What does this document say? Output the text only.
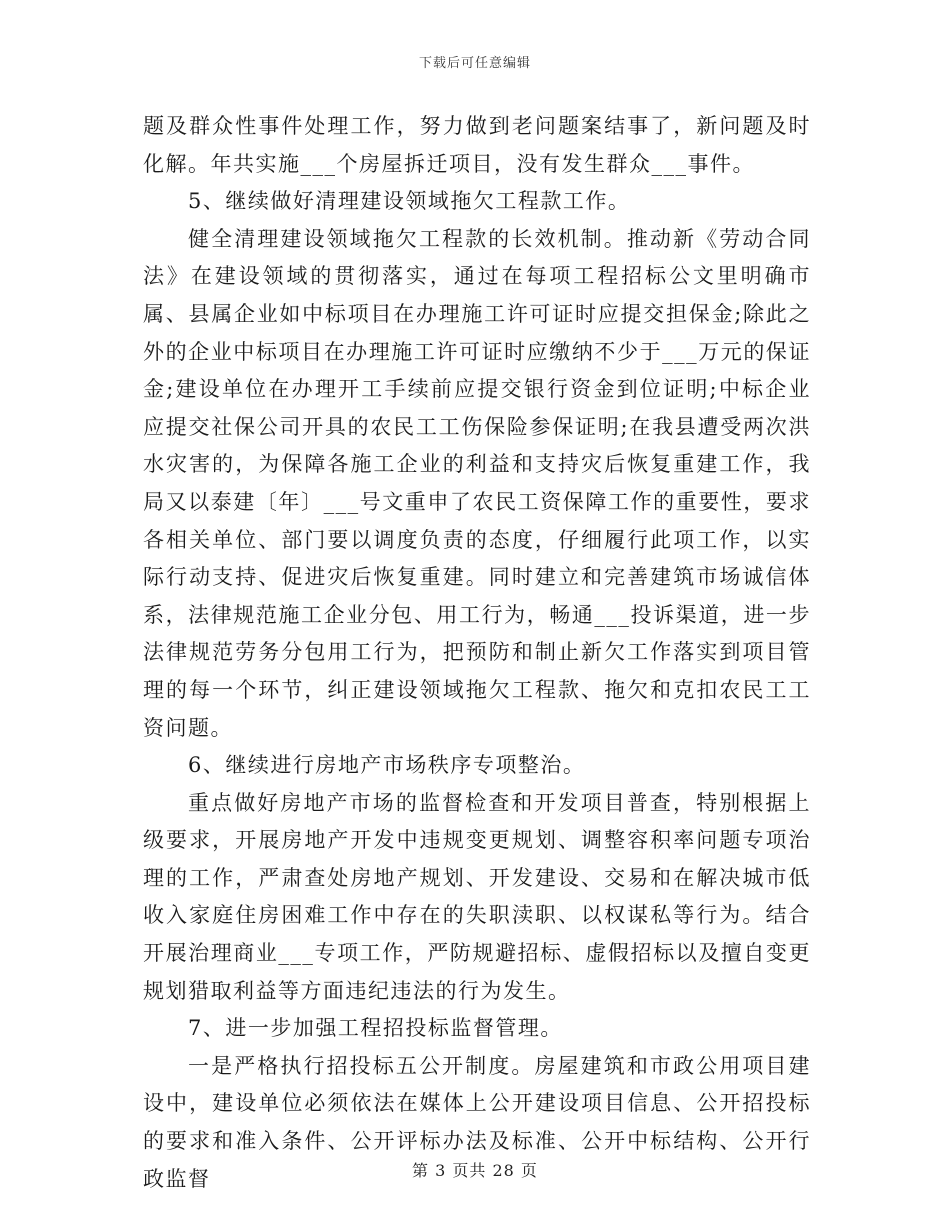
下载后可任意编辑

题及群众性事件处理工作，努力做到老问题案结事了，新问题及时化解。年共实施___个房屋拆迁项目，没有发生群众___事件。

5、继续做好清理建设领域拖欠工程款工作。

健全清理建设领域拖欠工程款的长效机制。推动新《劳动合同法》在建设领域的贯彻落实，通过在每项工程招标公文里明确市属、县属企业如中标项目在办理施工许可证时应提交担保金;除此之外的企业中标项目在办理施工许可证时应缴纳不少于___万元的保证金;建设单位在办理开工手续前应提交银行资金到位证明;中标企业应提交社保公司开具的农民工工伤保险参保证明;在我县遭受两次洪水灾害的，为保障各施工企业的利益和支持灾后恢复重建工作，我局又以泰建〔年〕___号文重申了农民工资保障工作的重要性，要求各相关单位、部门要以调度负责的态度，仔细履行此项工作，以实际行动支持、促进灾后恢复重建。同时建立和完善建筑市场诚信体系，法律规范施工企业分包、用工行为，畅通___投诉渠道，进一步法律规范劳务分包用工行为，把预防和制止新欠工作落实到项目管理的每一个环节，纠正建设领域拖欠工程款、拖欠和克扣农民工工资问题。

6、继续进行房地产市场秩序专项整治。

重点做好房地产市场的监督检查和开发项目普查，特别根据上级要求，开展房地产开发中违规变更规划、调整容积率问题专项治理的工作，严肃查处房地产规划、开发建设、交易和在解决城市低收入家庭住房困难工作中存在的失职渎职、以权谋私等行为。结合开展治理商业___专项工作，严防规避招标、虚假招标以及擅自变更规划猎取利益等方面违纪违法的行为发生。

7、进一步加强工程招投标监督管理。

一是严格执行招投标五公开制度。房屋建筑和市政公用项目建设中，建设单位必须依法在媒体上公开建设项目信息、公开招投标的要求和准入条件、公开评标办法及标准、公开中标结构、公开行政监督	第 3 页共 28 页
